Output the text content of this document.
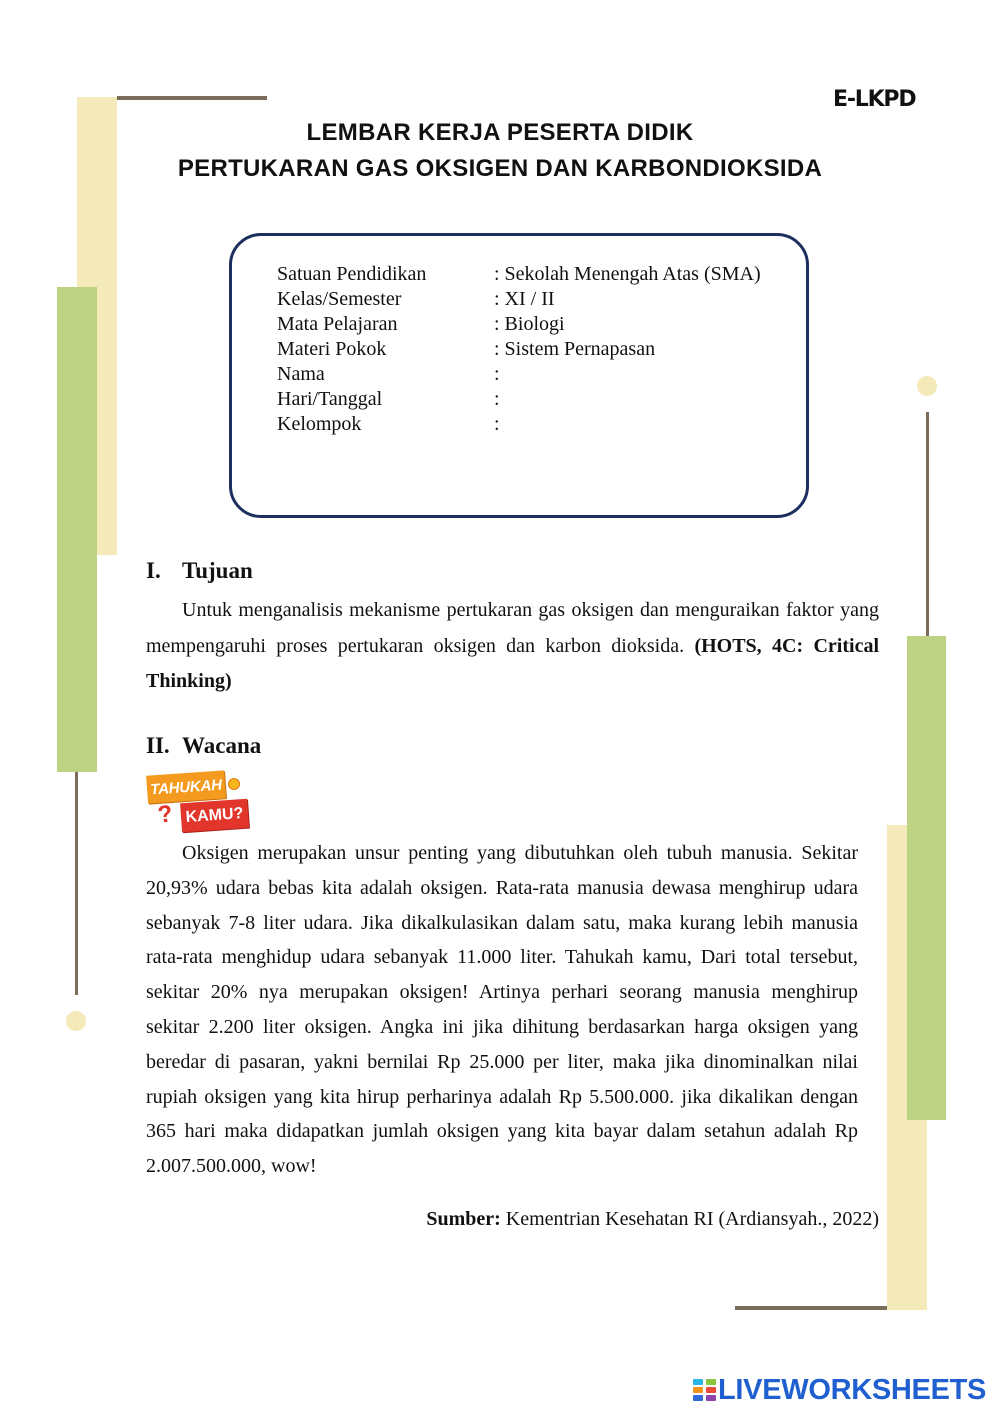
E-LKPD
LEMBAR KERJA PESERTA DIDIK
PERTUKARAN GAS OKSIGEN DAN KARBONDIOKSIDA
Satuan Pendidikan	: Sekolah Menengah Atas (SMA)
Kelas/Semester	: XI / II
Mata Pelajaran	: Biologi
Materi Pokok	: Sistem Pernapasan
Nama	:
Hari/Tanggal	:
Kelompok	:
I. Tujuan
Untuk menganalisis mekanisme pertukaran gas oksigen dan menguraikan faktor yang
mempengaruhi proses pertukaran oksigen dan karbon dioksida. (HOTS, 4C: Critical
Thinking)
II. Wacana
TAHUKAH
? KAMU?
Oksigen merupakan unsur penting yang dibutuhkan oleh tubuh manusia. Sekitar
20,93% udara bebas kita adalah oksigen. Rata-rata manusia dewasa menghirup udara
sebanyak 7-8 liter udara. Jika dikalkulasikan dalam satu, maka kurang lebih manusia
rata-rata menghidup udara sebanyak 11.000 liter. Tahukah kamu, Dari total tersebut,
sekitar 20% nya merupakan oksigen! Artinya perhari seorang manusia menghirup
sekitar 2.200 liter oksigen. Angka ini jika dihitung berdasarkan harga oksigen yang
beredar di pasaran, yakni bernilai Rp 25.000 per liter, maka jika dinominalkan nilai
rupiah oksigen yang kita hirup perharinya adalah Rp 5.500.000. jika dikalikan dengan
365 hari maka didapatkan jumlah oksigen yang kita bayar dalam setahun adalah Rp
2.007.500.000, wow!
Sumber: Kementrian Kesehatan RI (Ardiansyah., 2022)
LIVEWORKSHEETS
